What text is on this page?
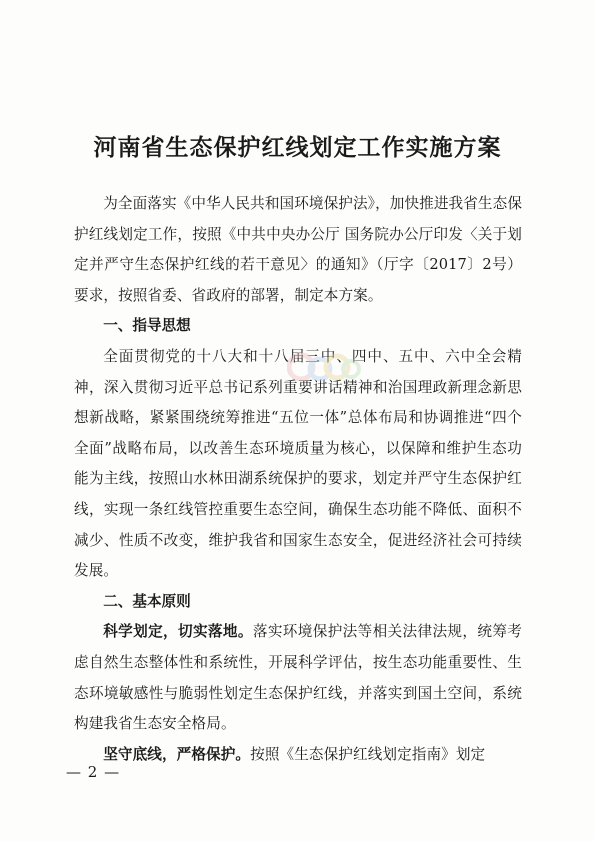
河南省生态保护红线划定工作实施方案

为全面落实《中华人民共和国环境保护法》，加快推进我省生态保护红线划定工作，按照《中共中央办公厅 国务院办公厅印发〈关于划定并严守生态保护红线的若干意见〉的通知》（厅字〔2017〕2号）要求，按照省委、省政府的部署，制定本方案。

一、指导思想

全面贯彻党的十八大和十八届三中、四中、五中、六中全会精神，深入贯彻习近平总书记系列重要讲话精神和治国理政新理念新思想新战略，紧紧围绕统筹推进“五位一体”总体布局和协调推进“四个全面”战略布局，以改善生态环境质量为核心，以保障和维护生态功能为主线，按照山水林田湖系统保护的要求，划定并严守生态保护红线，实现一条红线管控重要生态空间，确保生态功能不降低、面积不减少、性质不改变，维护我省和国家生态安全，促进经济社会可持续发展。

二、基本原则

科学划定，切实落地。落实环境保护法等相关法律法规，统筹考虑自然生态整体性和系统性，开展科学评估，按生态功能重要性、生态环境敏感性与脆弱性划定生态保护红线，并落实到国土空间，系统构建我省生态安全格局。

坚守底线，严格保护。按照《生态保护红线划定指南》划定

— 2 —
